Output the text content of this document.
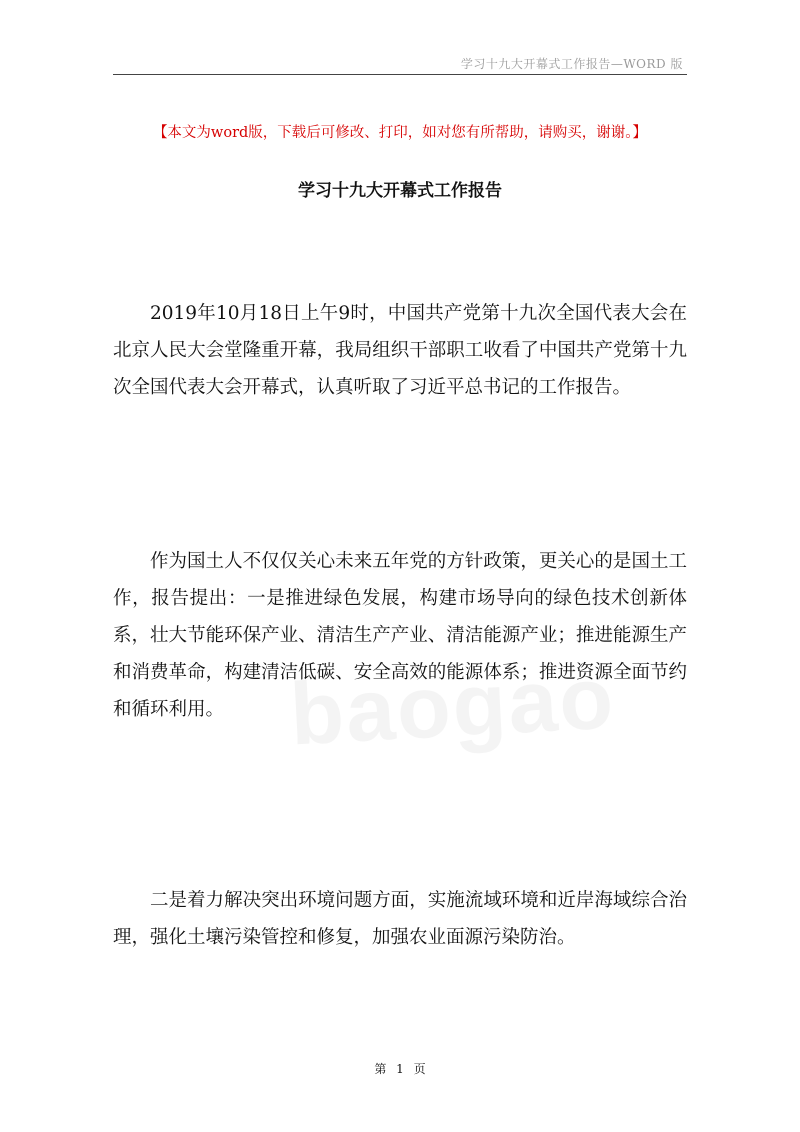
学习十九大开幕式工作报告—WORD 版
【本文为word版，下载后可修改、打印，如对您有所帮助，请购买，谢谢。】
学习十九大开幕式工作报告

2019年10月18日上午9时，中国共产党第十九次全国代表大会在北京人民大会堂隆重开幕，我局组织干部职工收看了中国共产党第十九次全国代表大会开幕式，认真听取了习近平总书记的工作报告。

作为国土人不仅仅关心未来五年党的方针政策，更关心的是国土工作，报告提出：一是推进绿色发展，构建市场导向的绿色技术创新体系，壮大节能环保产业、清洁生产产业、清洁能源产业；推进能源生产和消费革命，构建清洁低碳、安全高效的能源体系；推进资源全面节约和循环利用。

二是着力解决突出环境问题方面，实施流域环境和近岸海域综合治理，强化土壤污染管控和修复，加强农业面源污染防治。

第 1 页
